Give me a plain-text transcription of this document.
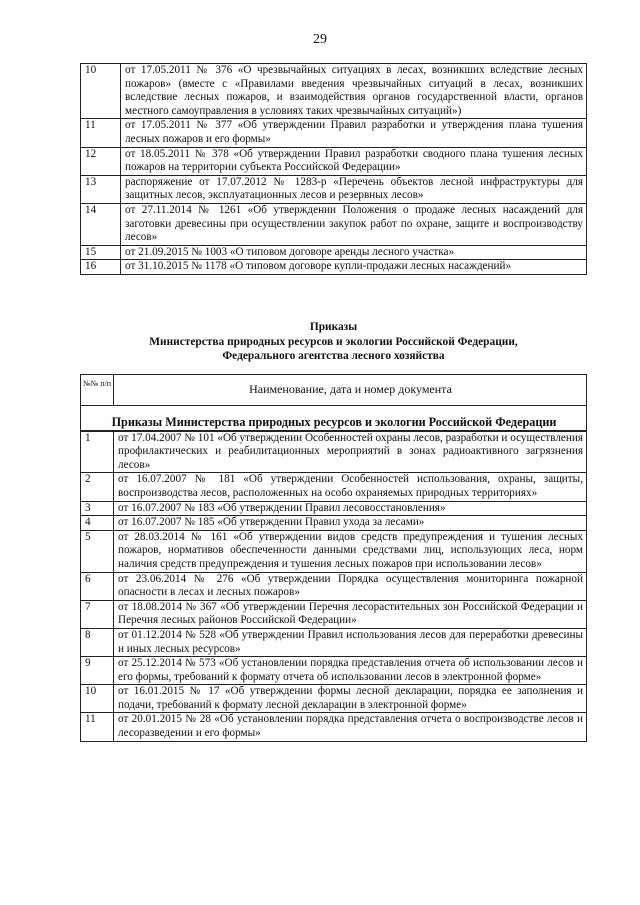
29
10	от 17.05.2011 № 376 «О чрезвычайных ситуациях в лесах, возникших вследствие лесных пожаров» (вместе с «Правилами введения чрезвычайных ситуаций в лесах, возникших вследствие лесных пожаров, и взаимодействия органов государственной власти, органов местного самоуправления в условиях таких чрезвычайных ситуаций»)
11	от 17.05.2011 № 377 «Об утверждении Правил разработки и утверждения плана тушения лесных пожаров и его формы»
12	от 18.05.2011 № 378 «Об утверждении Правил разработки сводного плана тушения лесных пожаров на территории субъекта Российской Федерации»
13	распоряжение от 17.07.2012 № 1283-р «Перечень объектов лесной инфраструктуры для защитных лесов, эксплуатационных лесов и резервных лесов»
14	от 27.11.2014 № 1261 «Об утверждении Положения о продаже лесных насаждений для заготовки древесины при осуществлении закупок работ по охране, защите и воспроизводству лесов»
15	от 21.09.2015 № 1003 «О типовом договоре аренды лесного участка»
16	от 31.10.2015 № 1178 «О типовом договоре купли-продажи лесных насаждений»
Приказы
Министерства природных ресурсов и экологии Российской Федерации,
Федерального агентства лесного хозяйства
№№ п/п	Наименование, дата и номер документа
Приказы Министерства природных ресурсов и экологии Российской Федерации	
1	от 17.04.2007 № 101 «Об утверждении Особенностей охраны лесов, разработки и осуществления профилактических и реабилитационных мероприятий в зонах радиоактивного загрязнения лесов»
2	от 16.07.2007 № 181 «Об утверждении Особенностей использования, охраны, защиты, воспроизводства лесов, расположенных на особо охраняемых природных территориях»
3	от 16.07.2007 № 183 «Об утверждении Правил лесовосстановления»
4	от 16.07.2007 № 185 «Об утверждении Правил ухода за лесами»
5	от 28.03.2014 № 161 «Об утверждении видов средств предупреждения и тушения лесных пожаров, нормативов обеспеченности данными средствами лиц, использующих леса, норм наличия средств предупреждения и тушения лесных пожаров при использовании лесов»
6	от 23.06.2014 № 276 «Об утверждении Порядка осуществления мониторинга пожарной опасности в лесах и лесных пожаров»
7	от 18.08.2014 № 367 «Об утверждении Перечня лесорастительных зон Российской Федерации и Перечня лесных районов Российской Федерации»
8	от 01.12.2014 № 528 «Об утверждении Правил использования лесов для переработки древесины и иных лесных ресурсов»
9	от 25.12.2014 № 573 «Об установлении порядка представления отчета об использовании лесов и его формы, требований к формату отчета об использовании лесов в электронной форме»
10	от 16.01.2015 № 17 «Об утверждении формы лесной декларации, порядка ее заполнения и подачи, требований к формату лесной декларации в электронной форме»
11	от 20.01.2015 № 28 «Об установлении порядка представления отчета о воспроизводстве лесов и лесоразведении и его формы»
